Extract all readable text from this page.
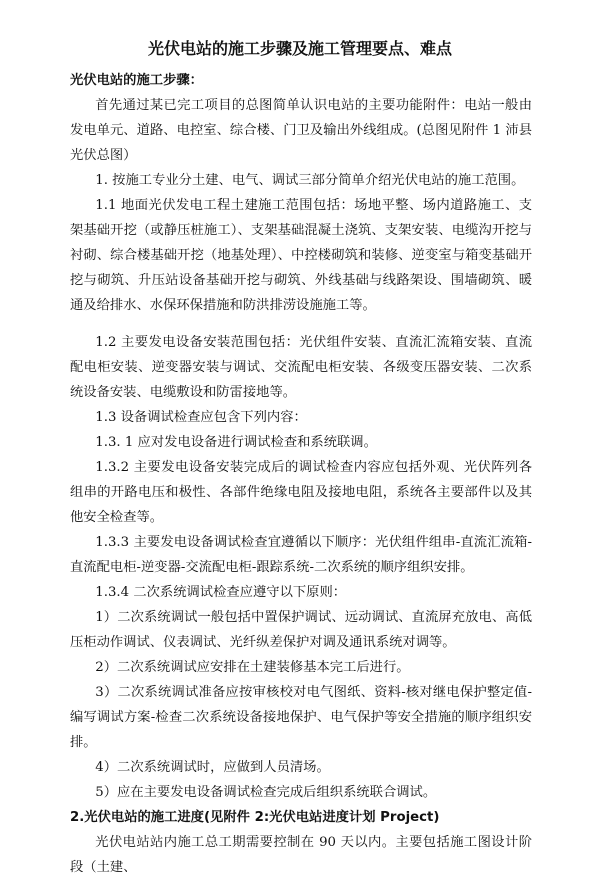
光伏电站的施工步骤及施工管理要点、难点

光伏电站的施工步骤：

首先通过某已完工项目的总图简单认识电站的主要功能附件：电站一般由发电单元、道路、电控室、综合楼、门卫及输出外线组成。(总图见附件 1 沛县光伏总图）

1. 按施工专业分土建、电气、调试三部分简单介绍光伏电站的施工范围。

1.1 地面光伏发电工程土建施工范围包括：场地平整、场内道路施工、支架基础开挖（或静压桩施工）、支架基础混凝土浇筑、支架安装、电缆沟开挖与衬砌、综合楼基础开挖（地基处理）、中控楼砌筑和装修、逆变室与箱变基础开挖与砌筑、升压站设备基础开挖与砌筑、外线基础与线路架设、围墙砌筑、暖通及给排水、水保环保措施和防洪排涝设施施工等。

1.2 主要发电设备安装范围包括：光伏组件安装、直流汇流箱安装、直流配电柜安装、逆变器安装与调试、交流配电柜安装、各级变压器安装、二次系统设备安装、电缆敷设和防雷接地等。

1.3 设备调试检查应包含下列内容：

1.3. 1 应对发电设备进行调试检查和系统联调。

1.3.2 主要发电设备安装完成后的调试检查内容应包括外观、光伏阵列各组串的开路电压和极性、各部件绝缘电阻及接地电阻，系统各主要部件以及其他安全检查等。

1.3.3 主要发电设备调试检查宜遵循以下顺序：光伏组件组串-直流汇流箱-直流配电柜-逆变器-交流配电柜-跟踪系统-二次系统的顺序组织安排。

1.3.4 二次系统调试检查应遵守以下原则：

1）二次系统调试一般包括中置保护调试、远动调试、直流屏充放电、高低压柜动作调试、仪表调试、光纤纵差保护对调及通讯系统对调等。

2）二次系统调试应安排在土建装修基本完工后进行。

3）二次系统调试准备应按审核校对电气图纸、资料-核对继电保护整定值-编写调试方案-检查二次系统设备接地保护、电气保护等安全措施的顺序组织安排。

4）二次系统调试时，应做到人员清场。

5）应在主要发电设备调试检查完成后组织系统联合调试。

2.光伏电站的施工进度(见附件 2:光伏电站进度计划 Project)

光伏电站站内施工总工期需要控制在 90 天以内。主要包括施工图设计阶段（土建、
